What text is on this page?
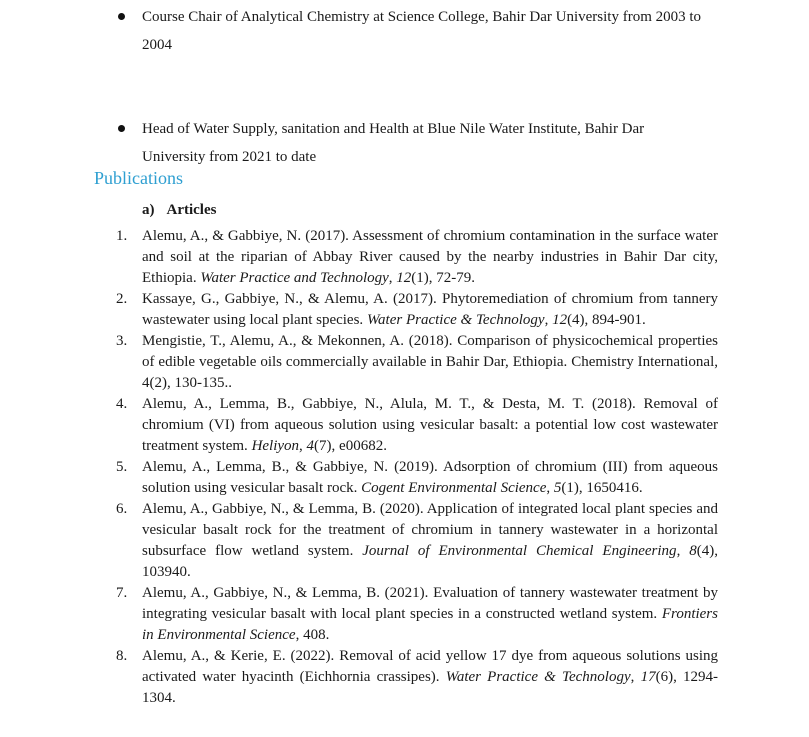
Course Chair of Analytical Chemistry at Science College, Bahir Dar University from 2003 to 2004
Head of Water Supply, sanitation and Health at Blue Nile Water Institute, Bahir Dar University from 2021 to date
Publications

a) Articles

1. Alemu, A., & Gabbiye, N. (2017). Assessment of chromium contamination in the surface water and soil at the riparian of Abbay River caused by the nearby industries in Bahir Dar city, Ethiopia. Water Practice and Technology, 12(1), 72-79.
2. Kassaye, G., Gabbiye, N., & Alemu, A. (2017). Phytoremediation of chromium from tannery wastewater using local plant species. Water Practice & Technology, 12(4), 894-901.
3. Mengistie, T., Alemu, A., & Mekonnen, A. (2018). Comparison of physicochemical properties of edible vegetable oils commercially available in Bahir Dar, Ethiopia. Chemistry International, 4(2), 130-135..
4. Alemu, A., Lemma, B., Gabbiye, N., Alula, M. T., & Desta, M. T. (2018). Removal of chromium (VI) from aqueous solution using vesicular basalt: a potential low cost wastewater treatment system. Heliyon, 4(7), e00682.
5. Alemu, A., Lemma, B., & Gabbiye, N. (2019). Adsorption of chromium (III) from aqueous solution using vesicular basalt rock. Cogent Environmental Science, 5(1), 1650416.
6. Alemu, A., Gabbiye, N., & Lemma, B. (2020). Application of integrated local plant species and vesicular basalt rock for the treatment of chromium in tannery wastewater in a horizontal subsurface flow wetland system. Journal of Environmental Chemical Engineering, 8(4), 103940.
7. Alemu, A., Gabbiye, N., & Lemma, B. (2021). Evaluation of tannery wastewater treatment by integrating vesicular basalt with local plant species in a constructed wetland system. Frontiers in Environmental Science, 408.
8. Alemu, A., & Kerie, E. (2022). Removal of acid yellow 17 dye from aqueous solutions using activated water hyacinth (Eichhornia crassipes). Water Practice & Technology, 17(6), 1294-1304.
